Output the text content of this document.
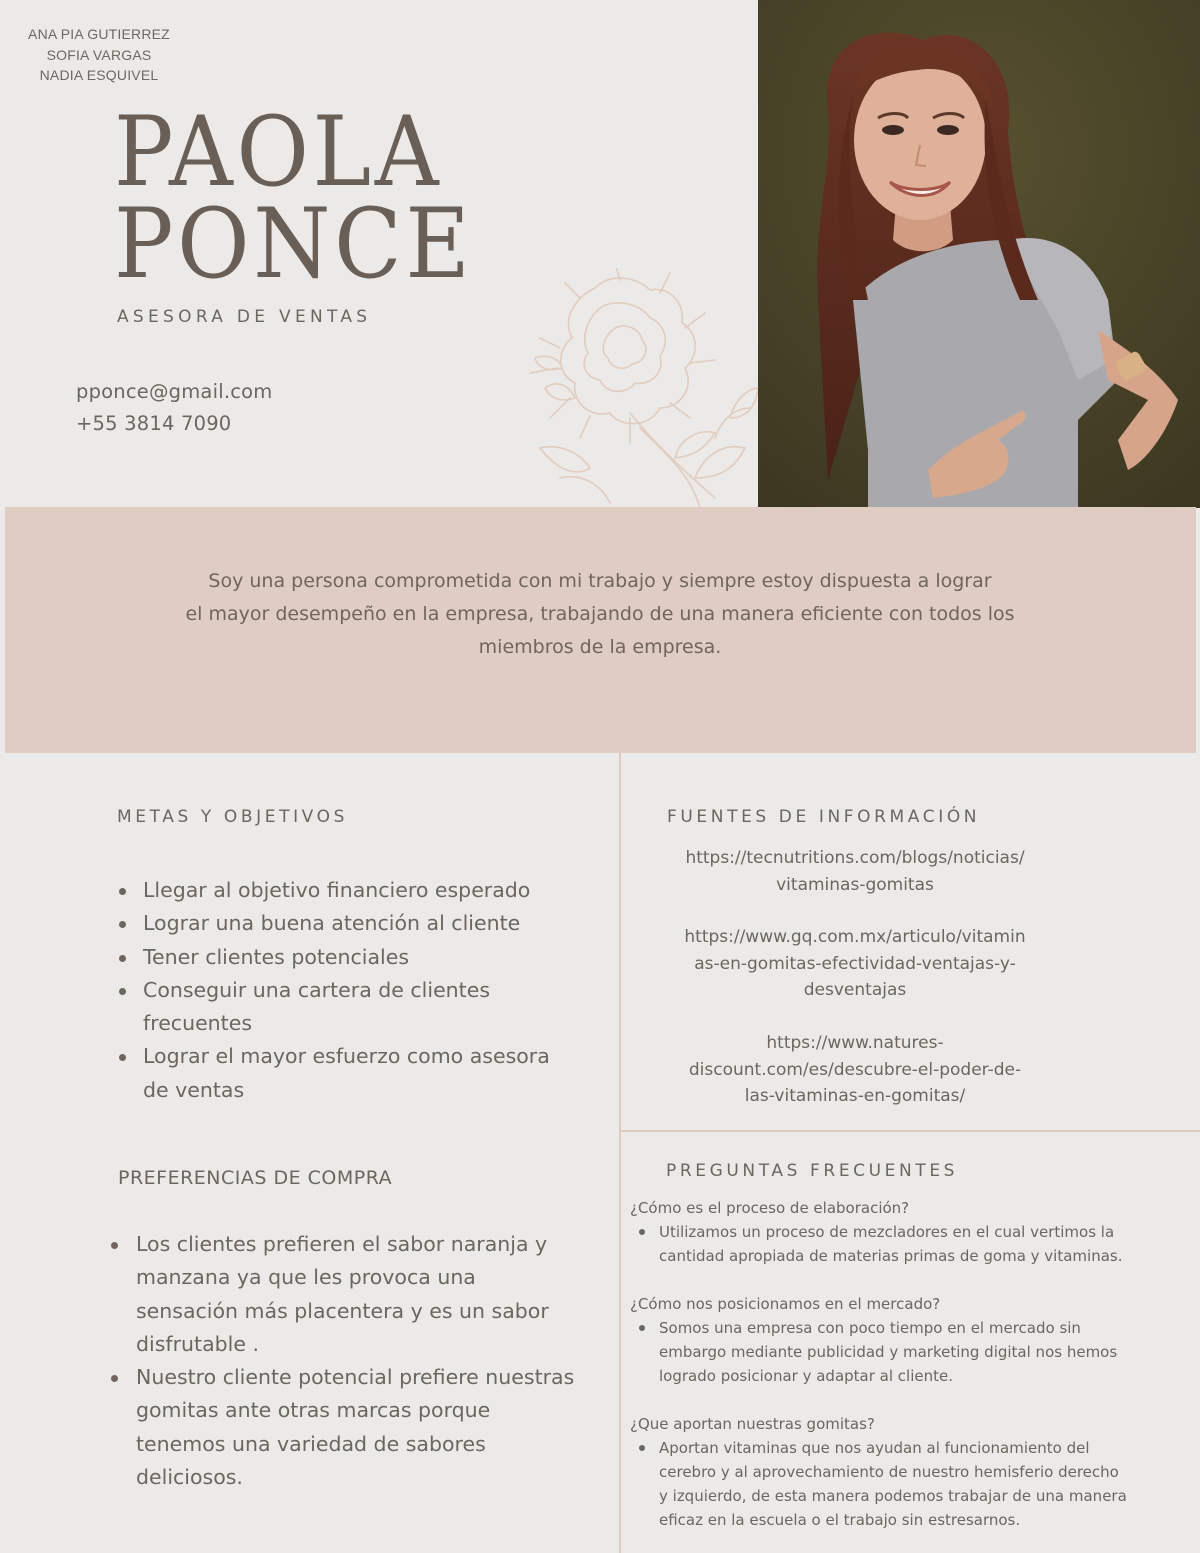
ANA PIA GUTIERREZ
SOFIA VARGAS
NADIA ESQUIVEL
PAOLA
PONCE
ASESORA DE VENTAS
pponce@gmail.com
+55 3814 7090
Soy una persona comprometida con mi trabajo y siempre estoy dispuesta a lograr
el mayor desempeño en la empresa, trabajando de una manera eficiente con todos los
miembros de la empresa.
METAS Y OBJETIVOS
Llegar al objetivo financiero esperado
Lograr una buena atención al cliente
Tener clientes potenciales
Conseguir una cartera de clientes frecuentes
Lograr el mayor esfuerzo como asesora de ventas
PREFERENCIAS DE COMPRA
Los clientes prefieren el sabor naranja y manzana ya que les provoca una sensación más placentera y es un sabor disfrutable .
Nuestro cliente potencial prefiere nuestras gomitas ante otras marcas porque tenemos una variedad de sabores deliciosos.
FUENTES DE INFORMACIÓN
https://tecnutritions.com/blogs/noticias/
vitaminas-gomitas
https://www.gq.com.mx/articulo/vitamin
as-en-gomitas-efectividad-ventajas-y-
desventajas
https://www.natures-
discount.com/es/descubre-el-poder-de-
las-vitaminas-en-gomitas/
PREGUNTAS FRECUENTES
¿Cómo es el proceso de elaboración?
Utilizamos un proceso de mezcladores en el cual vertimos la
cantidad apropiada de materias primas de goma y vitaminas.
¿Cómo nos posicionamos en el mercado?
Somos una empresa con poco tiempo en el mercado sin
embargo mediante publicidad y marketing digital nos hemos
logrado posicionar y adaptar al cliente.
¿Que aportan nuestras gomitas?
Aportan vitaminas que nos ayudan al funcionamiento del
cerebro y al aprovechamiento de nuestro hemisferio derecho
y izquierdo, de esta manera podemos trabajar de una manera
eficaz en la escuela o el trabajo sin estresarnos.
